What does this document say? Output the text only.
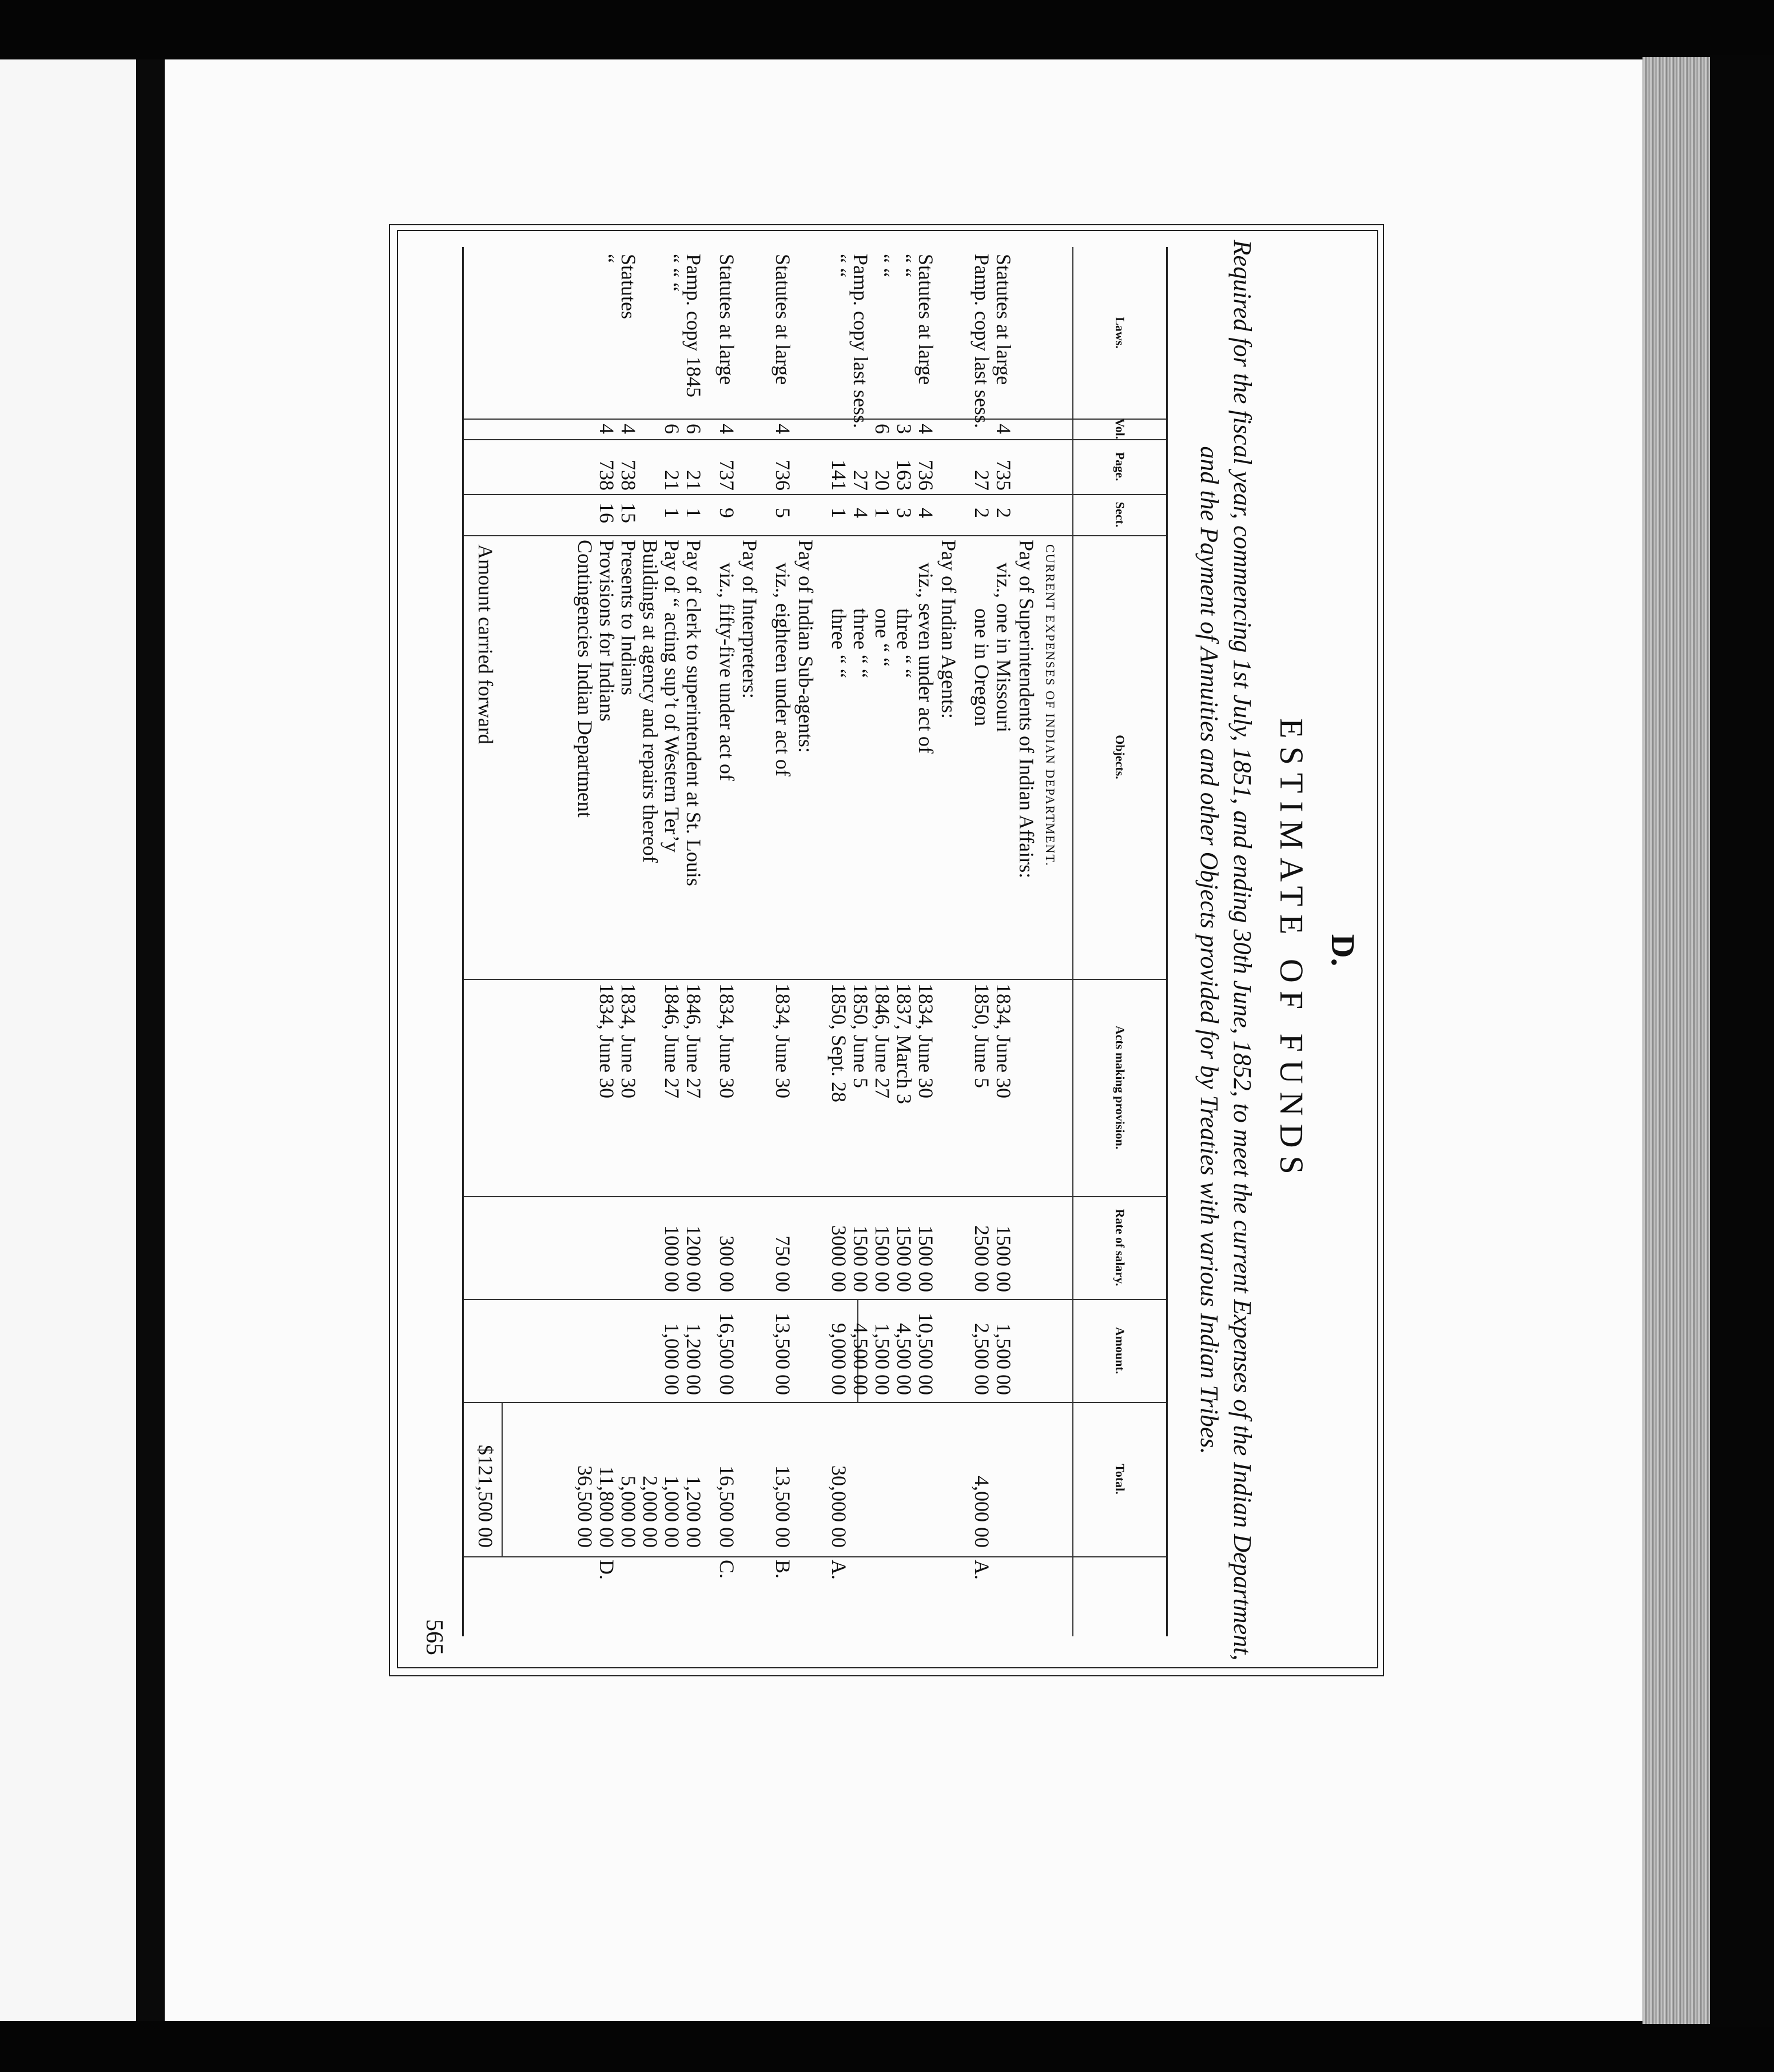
D.
ESTIMATE OF FUNDS
Required for the fiscal year, commencing 1st July, 1851, and ending 30th June, 1852, to meet the current Expenses of the Indian Department,
and the Payment of Annuities and other Objects provided for by Treaties with various Indian Tribes.
Laws.
Vol.
Page.
Sect.
Objects.
Acts making provision.
Rate of salary.
Amount.
Total.
CURRENT EXPENSES OF INDIAN DEPARTMENT.
Amount carried forward
$121,500 00
Pay of Superintendents of Indian Affairs:
Statutes at large
4
735
2
viz., one in Missouri
1834, June 30
1500 00
1,500 00
Pamp. copy last sess.
27
2
one in Oregon
1850, June 5
2500 00
2,500 00
4,000 00
A.
Pay of Indian Agents:
Statutes at large
4
736
4
viz., seven under act of
1834, June 30
1500 00
10,500 00
“ “
3
163
3
three “ “
1837, March 3
1500 00
4,500 00
“ “
6
20
1
one “ “
1846, June 27
1500 00
1,500 00
Pamp. copy last sess.
27
4
three “ “
1850, June 5
1500 00
4,500 00
“ “
141
1
three “ “
1850, Sept. 28
3000 00
9,000 00
30,000 00
A.
Pay of Indian Sub-agents:
Statutes at large
4
736
5
viz., eighteen under act of
1834, June 30
750 00
13,500 00
13,500 00
B.
Pay of Interpreters:
Statutes at large
4
737
9
viz., fifty-five under act of
1834, June 30
300 00
16,500 00
16,500 00
C.
Pamp. copy 1845
6
21
1
Pay of clerk to superintendent at St. Louis
1846, June 27
1200 00
1,200 00
1,200 00
“ “ “
6
21
1
Pay of “ acting sup’t of Western Ter’y
1846, June 27
1000 00
1,000 00
1,000 00
Buildings at agency and repairs thereof
2,000 00
Statutes
4
738
15
Presents to Indians
1834, June 30
5,000 00
“
4
738
16
Provisions for Indians
1834, June 30
11,800 00
D.
Contingencies Indian Department
36,500 00
565
